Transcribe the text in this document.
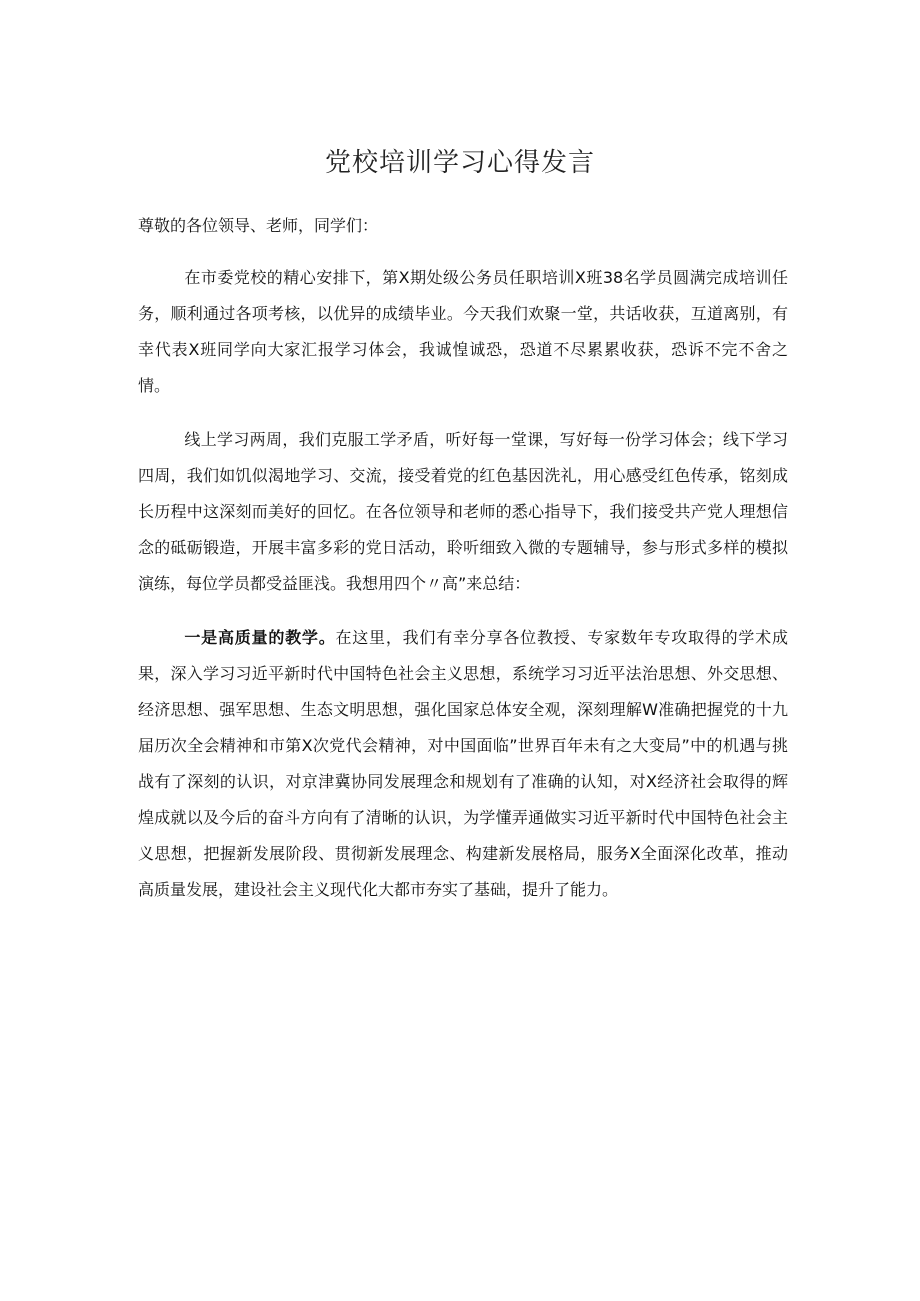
党校培训学习心得发言

尊敬的各位领导、老师，同学们：

在市委党校的精心安排下，第X期处级公务员任职培训X班38名学员圆满完成培训任务，顺利通过各项考核，以优异的成绩毕业。今天我们欢聚一堂，共话收获，互道离别，有幸代表X班同学向大家汇报学习体会，我诚惶诚恐，恐道不尽累累收获，恐诉不完不舍之情。

线上学习两周，我们克服工学矛盾，听好每一堂课，写好每一份学习体会；线下学习四周，我们如饥似渴地学习、交流，接受着党的红色基因洗礼，用心感受红色传承，铭刻成长历程中这深刻而美好的回忆。在各位领导和老师的悉心指导下，我们接受共产党人理想信念的砥砺锻造，开展丰富多彩的党日活动，聆听细致入微的专题辅导，参与形式多样的模拟演练，每位学员都受益匪浅。我想用四个〃高”来总结：

一是高质量的教学。在这里，我们有幸分享各位教授、专家数年专攻取得的学术成果，深入学习习近平新时代中国特色社会主义思想，系统学习习近平法治思想、外交思想、经济思想、强军思想、生态文明思想，强化国家总体安全观，深刻理解W准确把握党的十九届历次全会精神和市第X次党代会精神，对中国面临”世界百年未有之大变局”中的机遇与挑战有了深刻的认识，对京津冀协同发展理念和规划有了准确的认知，对X经济社会取得的辉煌成就以及今后的奋斗方向有了清晰的认识，为学懂弄通做实习近平新时代中国特色社会主义思想，把握新发展阶段、贯彻新发展理念、构建新发展格局，服务X全面深化改革，推动高质量发展，建设社会主义现代化大都市夯实了基础，提升了能力。
